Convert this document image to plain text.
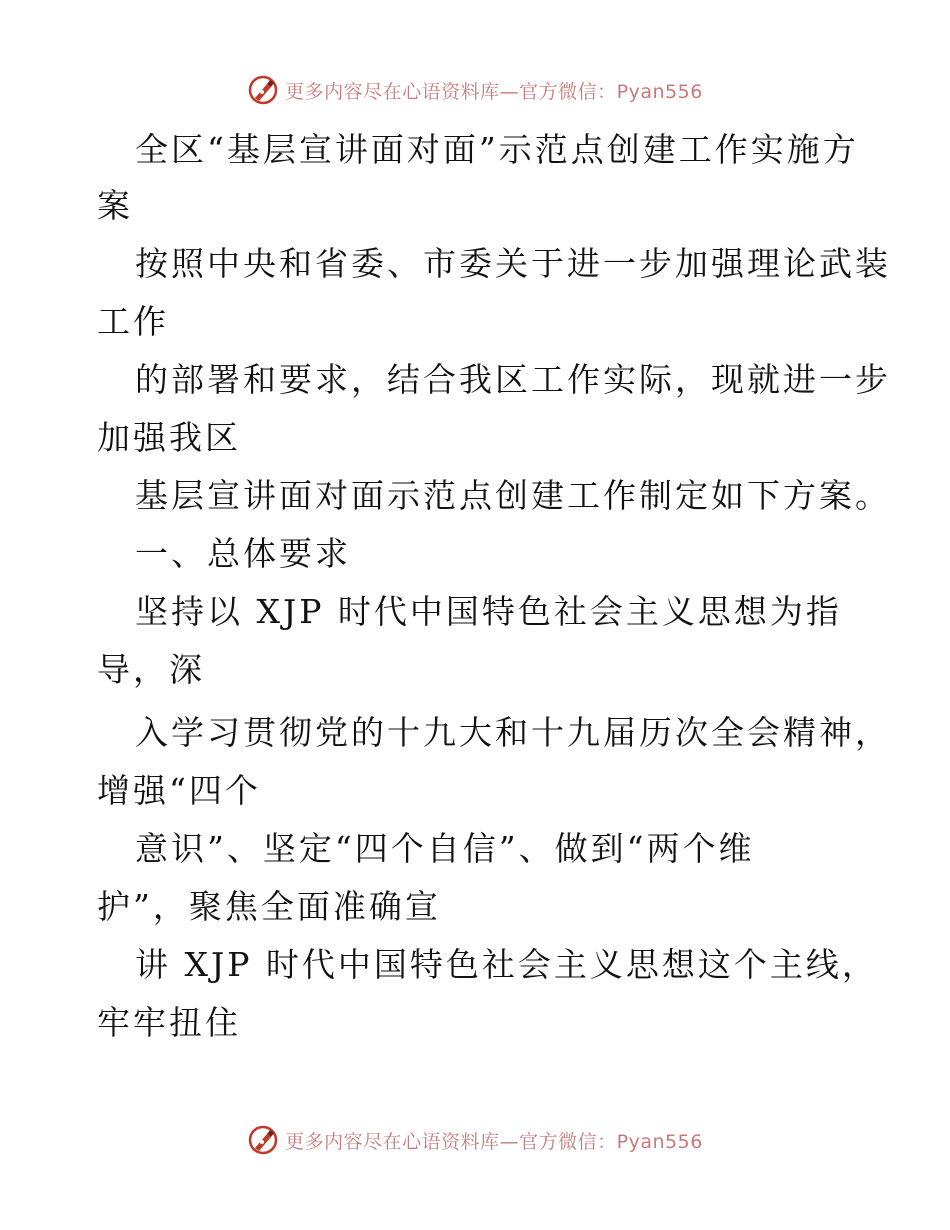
更多内容尽在心语资料库—官方微信：Pyan556
全区“基层宣讲面对面”示范点创建工作实施方
案
按照中央和省委、市委关于进一步加强理论武装
工作
的部署和要求，结合我区工作实际，现就进一步
加强我区
基层宣讲面对面示范点创建工作制定如下方案。
一、总体要求
坚持以 XJP 时代中国特色社会主义思想为指
导，深
入学习贯彻党的十九大和十九届历次全会精神，
增强“四个
意识”、坚定“四个自信”、做到“两个维
护”，聚焦全面准确宣
讲 XJP 时代中国特色社会主义思想这个主线，
牢牢扭住
更多内容尽在心语资料库—官方微信：Pyan556
